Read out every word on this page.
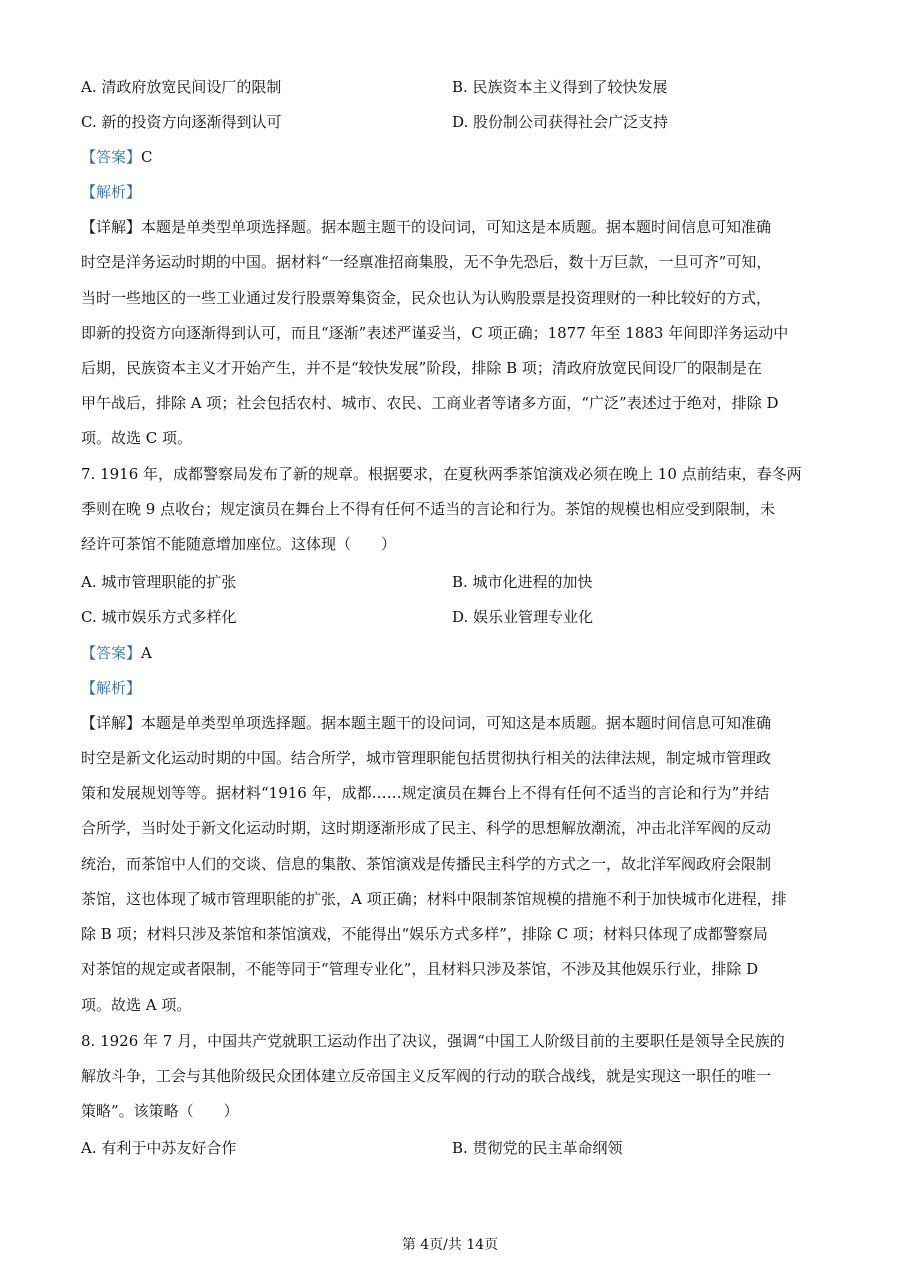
A. 清政府放宽民间设厂的限制	B. 民族资本主义得到了较快发展
C. 新的投资方向逐渐得到认可	D. 股份制公司获得社会广泛支持
【答案】C
【解析】
【详解】本题是单类型单项选择题。据本题主题干的设问词，可知这是本质题。据本题时间信息可知准确
时空是洋务运动时期的中国。据材料“一经禀准招商集股，无不争先恐后，数十万巨款，一旦可齐”可知，
当时一些地区的一些工业通过发行股票筹集资金，民众也认为认购股票是投资理财的一种比较好的方式，
即新的投资方向逐渐得到认可，而且“逐渐”表述严谨妥当，C 项正确；1877 年至 1883 年间即洋务运动中
后期，民族资本主义才开始产生，并不是“较快发展”阶段，排除 B 项；清政府放宽民间设厂的限制是在
甲午战后，排除 A 项；社会包括农村、城市、农民、工商业者等诸多方面，“广泛”表述过于绝对，排除 D
项。故选 C 项。
7. 1916 年，成都警察局发布了新的规章。根据要求，在夏秋两季茶馆演戏必须在晚上 10 点前结束，春冬两
季则在晚 9 点收台；规定演员在舞台上不得有任何不适当的言论和行为。茶馆的规模也相应受到限制，未
经许可茶馆不能随意增加座位。这体现（　　）
A. 城市管理职能的扩张	B. 城市化进程的加快
C. 城市娱乐方式多样化	D. 娱乐业管理专业化
【答案】A
【解析】
【详解】本题是单类型单项选择题。据本题主题干的设问词，可知这是本质题。据本题时间信息可知准确
时空是新文化运动时期的中国。结合所学，城市管理职能包括贯彻执行相关的法律法规，制定城市管理政
策和发展规划等等。据材料“1916 年，成都……规定演员在舞台上不得有任何不适当的言论和行为”并结
合所学，当时处于新文化运动时期，这时期逐渐形成了民主、科学的思想解放潮流，冲击北洋军阀的反动
统治，而茶馆中人们的交谈、信息的集散、茶馆演戏是传播民主科学的方式之一，故北洋军阀政府会限制
茶馆，这也体现了城市管理职能的扩张，A 项正确；材料中限制茶馆规模的措施不利于加快城市化进程，排
除 B 项；材料只涉及茶馆和茶馆演戏，不能得出“娱乐方式多样”，排除 C 项；材料只体现了成都警察局
对茶馆的规定或者限制，不能等同于“管理专业化”，且材料只涉及茶馆，不涉及其他娱乐行业，排除 D
项。故选 A 项。
8. 1926 年 7 月，中国共产党就职工运动作出了决议，强调“中国工人阶级目前的主要职任是领导全民族的
解放斗争，工会与其他阶级民众团体建立反帝国主义反军阀的行动的联合战线，就是实现这一职任的唯一
策略”。该策略（　　）
A. 有利于中苏友好合作	B. 贯彻党的民主革命纲领
第 4页/共 14页
